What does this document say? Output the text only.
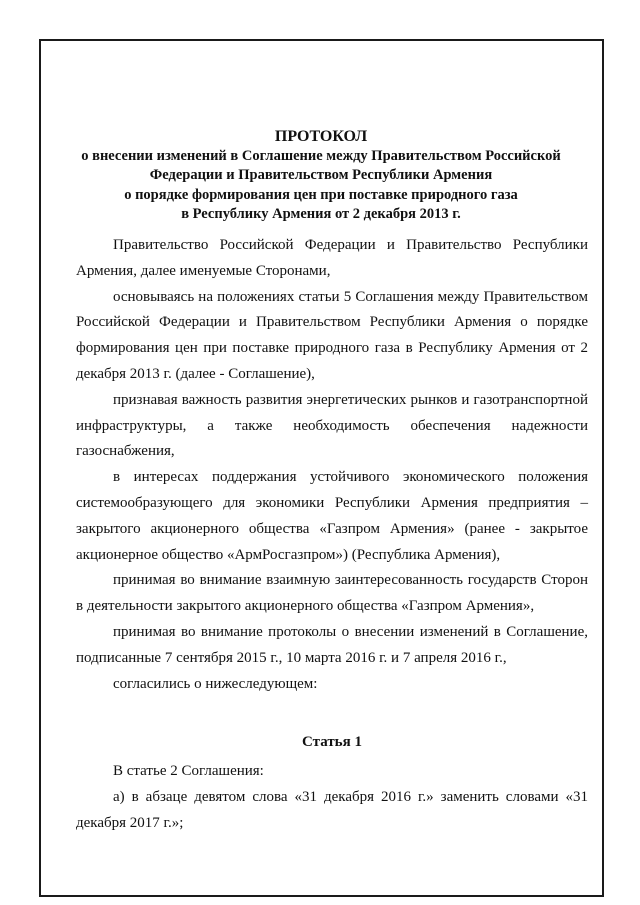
ПРОТОКОЛ
о внесении изменений в Соглашение между Правительством Российской
Федерации и Правительством Республики Армения
о порядке формирования цен при поставке природного газа
в Республику Армения от 2 декабря 2013 г.

Правительство Российской Федерации и Правительство Республики Армения, далее именуемые Сторонами,

основываясь на положениях статьи 5 Соглашения между Правительством Российской Федерации и Правительством Республики Армения о порядке формирования цен при поставке природного газа в Республику Армения от 2 декабря 2013 г. (далее - Соглашение),

признавая важность развития энергетических рынков и газотранспортной инфраструктуры, а также необходимость обеспечения надежности газоснабжения,

в интересах поддержания устойчивого экономического положения системообразующего для экономики Республики Армения предприятия – закрытого акционерного общества «Газпром Армения» (ранее - закрытое акционерное общество «АрмРосгазпром») (Республика Армения),

принимая во внимание взаимную заинтересованность государств Сторон в деятельности закрытого акционерного общества «Газпром Армения»,

принимая во внимание протоколы о внесении изменений в Соглашение, подписанные 7 сентября 2015 г., 10 марта 2016 г. и 7 апреля 2016 г.,

согласились о нижеследующем:

Статья 1

В статье 2 Соглашения:

а) в абзаце девятом слова «31 декабря 2016 г.» заменить словами «31 декабря 2017 г.»;
